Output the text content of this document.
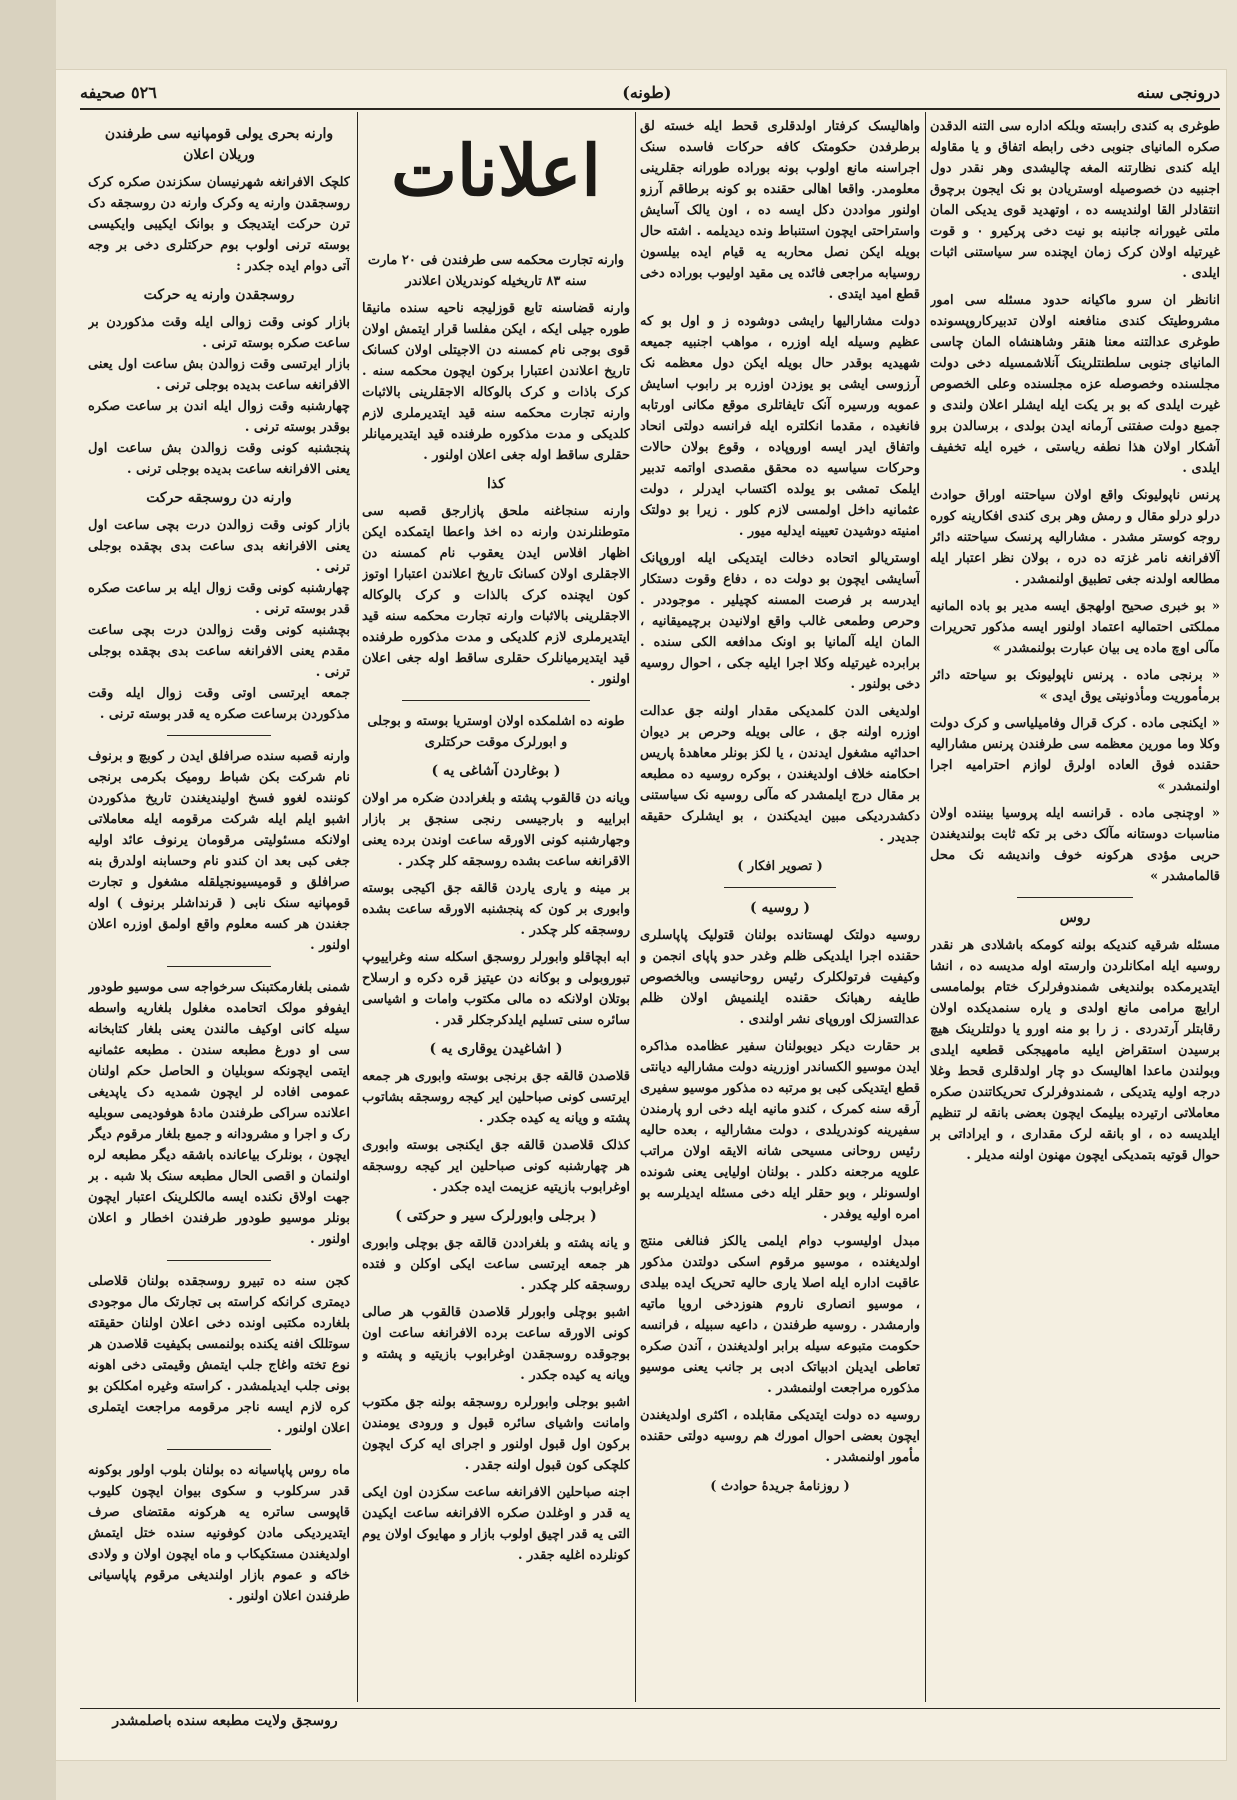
درونجی سنه
(طونه)
٥٢٦ صحیفه

طوغری به کندی رابسته وبلکه اداره سی التنه الدقدن صکره المانیای جنوبی دخی رابطه اتفاق و یا مقاوله ایله کندی نظارتنه المغه چالیشدی وهر نقدر دول اجنبیه دن خصوصیله اوستریادن بو نک ایجون برچوق انتقادلر القا اولندیسه ده ، اوتهدید قوی یدیکی المان ملتی غیورانه جانبنه بو نیت دخی پرکیرو ۰ و قوت غیرتیله اولان کرک زمان ایچنده سر سیاستنی اثبات ایلدی .

انانظر ان سرو ماکیانه حدود مسئله سی امور مشروطیتک کندی منافعنه اولان تدبیرکاروپسونده طوغری عدالتنه معنا هنقر وشاهنشاه المان چاسی المانیای جنوبی سلطنتلرینک آنلاشمسیله دخی دولت مجلسنده وخصوصله عزه مجلسنده وعلی الخصوص غیرت ایلدی که بو بر یکت ایله ایشلر اعلان ولندی و جمیع دولت صفتنی آرمانه ایدن بولدی ، برسالدن برو آشکار اولان هذا نطفه ریاستی ، خیره ایله تخفیف ایلدی .

پرنس ناپولیونک واقع اولان سیاحتنه اوراق حوادث درلو درلو مقال و رمش وهر بری کندی افکارینه کوره روجه کوستر مشدر . مشارالیه پرنسک سیاحتنه دائر آلافرانغه نامر غزته ده دره ، بولان نظر اعتبار ایله مطالعه اولدنه جغی تطبیق اولنمشدر .

« بو خبری صحیح اولهجق ایسه مدیر بو باده المانیه مملکتی احتمالیه اعتماد اولنور ایسه مذکور تحریرات مآلی اوچ ماده یی بیان عبارت بولنمشدر »

« برنجی ماده . پرنس ناپولیونک بو سیاحته دائر برمأموریت ومأذونیتی یوق ایدی »

« ایکنجی ماده . کرک قرال وفامیلیاسی و کرک دولت وکلا وما مورین معظمه سی طرفندن پرنس مشارالیه حقنده فوق العاده اولرق لوازم احترامیه اجرا اولنمشدر »

« اوچنجی ماده . قرانسه ایله پروسیا بیننده اولان مناسبات دوستانه مآلک دخی بر تکه ثابت بولندیغندن حربی مؤدی هرکونه خوف واندیشه نک محل قالمامشدر »

روس

مسئله شرقیه کندیکه بولنه کومکه باشلادی هر نقدر روسیه ایله امکانلردن وارسته اوله مدیسه ده ، انشا ایتدیرمکده بولندیغی شمندوفرلرک ختام بولمامسی ارایچ مرامی مانع اولدی و یاره سنمدیکده اولان رقابتلر آرتدردی . ز را بو منه اورو یا دولتلرینک هیچ برسیدن استقراض ایلیه مامهیجکی قطعیه ایلدی وبولندن ماعدا اهالیسک دو چار اولدقلری قحط وغلا درجه اولیه یتدیکی ، شمندوفرلرک تحریکاتندن صکره معاملاتی ارتیرده بیلیمک ایچون بعضی بانقه لر تنظیم ایلدیسه ده ، او بانقه لرک مقداری ، و ایراداتی بر حوال قوتیه بتمدیکی ایچون مهنون اولنه مدیلر .

واهالیسک کرفتار اولدقلری قحط ایله خسته لق برطرفدن حکومتک کافه حرکات فاسده سنک اجراسنه مانع اولوب بونه بوراده طورانه جقلرینی معلومدر. واقعا اهالی حقنده بو کونه برطاقم آرزو اولنور مواددن دکل ایسه ده ، اون یالک آسایش واستراحتی ایچون استنباط ونده دیدیلمه . اشته حال بویله ایکن نصل محاربه یه قیام ایده بیلسون روسیابه مراجعی فائده یی مقید اولیوب بوراده دخی قطع امید ایتدی .

دولت مشارالیها رایشی دوشوده ز و اول بو که عظیم وسیله ایله اوزره ، مواهب اجنبیه جمیعه شهیدیه بوقدر حال بویله ایکن دول معظمه نک آرزوسی ایشی بو یوزدن اوزره بر رابوب اسایش عموبه ورسیره آنک تایفاتلری موقع مکانی اورتابه فانغیده ، مقدما انکلتره ایله فرانسه دولتی انحاد واتفاق ایدر ایسه اوروپاده ، وقوع بولان حالات وحرکات سیاسیه ده محقق مقصدی اواتمه تدبیر ایلمک تمشی بو یولده اکتساب ایدرلر ، دولت عثمانیه داخل اولمسی لازم کلور . زیرا بو دولتک امنیته دوشیدن تعیینه ایدلیه میور .

اوستریالو اتحاده دخالت ایتدیکی ایله اوروپانک آسایشی ایچون بو دولت ده ، دفاع وقوت دستکار ایدرسه بر فرصت المسنه کچیلیر . موجوددر . وحرص وطمعی غالب واقع اولانیدن برچیمیقانیه ، المان ایله آلمانیا بو اونک مدافعه الکی سنده . برابرده غیرتیله وکلا اجرا ایلیه جکی ، احوال روسیه دخی بولنور .

اولدیغی الدن کلمدیکی مقدار اولنه جق عدالت اوزره اولنه جق ، عالی بویله وحرص بر دیوان احداثیه مشغول ایدندن ، یا لکز بونلر معاهدۀ پاریس احکامنه خلاف اولدیغندن ، بوکره روسیه ده مطبعه بر مقال درج ایلمشدر که مآلی روسیه نک سیاستنی دکشدردیکی مبین ایدیکندن ، بو ایشلرک حقیقه جدیدر .

( تصویر افکار )
( روسیه )

روسیه دولتک لهستانده بولنان قتولیک پاپاسلری حقنده اجرا ایلدیکی ظلم وغدر حدو پاپای انجمن و وکیفیت فرتولکلرک رئیس روحانیسی وبالخصوص طایفه رهبانک حقنده ایلنمیش اولان ظلم عدالتسزلک اوروپای نشر اولندی .

بر حقارت دیکر دیوبولنان سفیر عظامده مذاکره ایدن موسیو الکساندر اوزرینه دولت مشارالیه دیانتی قطع ایتدیکی کبی بو مرتبه ده مذکور موسیو سفیری آرقه سنه کمرک ، کندو مانیه ایله دخی ارو پارمندن سفیرینه کوندریلدی ، دولت مشارالیه ، بعده حالیه رئیس روحانی مسیحی شانه الایقه اولان مراتب علویه مرجعنه دکلدر . بولنان اولیایی یعنی شونده اولسونلر ، وبو حقلر ایله دخی مسئله ایدیلرسه بو امره اولیه یوفدر .

مبدل اولیسوب دوام ایلمی یالکز فنالغی منتج اولدیغنده ، موسیو مرقوم اسکی دولتدن مذکور عاقبت اداره ایله اصلا یاری حالیه تحریک ایده بیلدی ، موسیو انصاری ناروم هنوزدخی ارویا ماتیه وارمشدر . روسیه طرفندن ، داعیه سبیله ، فرانسه حکومت متبوعه سیله برابر اولدیغندن ، آندن صکره تعاطی ایدیلن ادبیاتک ادبی بر جانب یعنی موسیو مذکوره مراجعت اولنمشدر .

روسیه ده دولت ایتدیکی مقابلده ، اکثری اولدیغندن ایچون بعضی احوال امورك هم روسیه دولتی حقنده مأمور اولنمشدر .

( روزنامۀ جریدۀ حوادث )
اعلانات

وارنه تجارت محکمه سی طرفندن فی ٢٠ مارت سنه ٨٣ تاریخیله کوندریلان اعلاندر

وارنه قضاسنه تابع قوزلیجه ناحیه سنده مانیقا طوره جیلی ایکه ، ایکن مفلسا قرار ایتمش اولان قوی بوجی نام کمسنه دن الاجیتلی اولان کسانک تاریخ اعلاندن اعتبارا برکون ایچون محکمه سنه . کرک باذات و کرک بالوکاله الاجقلرینی بالاثبات وارنه تجارت محکمه سنه قید ایتدیرملری لازم کلدیکی و مدت مذکوره طرفنده قید ایتدیرمیانلر حقلری ساقط اوله جغی اعلان اولنور .

کذا

وارنه سنجاغنه ملحق پازارجق قصبه سی متوطنلرندن وارنه ده اخذ واعطا ایتمکده ایکن اظهار افلاس ایدن یعقوب نام کمسنه دن الاجقلری اولان کسانک تاریخ اعلاندن اعتبارا اوتوز کون ایچنده کرک بالذات و کرک بالوکاله الاجقلرینی بالاثبات وارنه تجارت محکمه سنه قید ایتدیرملری لازم کلدیکی و مدت مذکوره طرفنده قید ایتدیرمیانلرک حقلری ساقط اوله جغی اعلان اولنور .

طونه ده اشلمکده اولان اوستریا بوسته و بوجلی و ابورلرک موقت حرکتلری

( بوغاردن آشاغی یه )

ویانه دن قالقوب پشته و بلغراددن ضکره مر اولان ابراییه و بارجیسی رنجی سنجق بر بازار وجهارشنبه کونی الاورقه ساعت اوندن برده یعنی الاقرانغه ساعت بشده روسجقه کلر چکدر .

بر مینه و یاری یاردن قالقه جق اکیجی بوسته وابوری بر کون که پنجشنبه الاورقه ساعت بشده روسجقه کلر چکدر .

ابه ابچاقلو وابورلر روسجق اسکله سنه وغراییوپ تبوروبولی و بوکانه دن عیتیز قره دکره و ارسلاح بوتلان اولانکه ده مالی مکتوب وامات و اشیاسی سائره سنی تسلیم ایلدکرجکلر قدر .

( اشاغیدن یوقاری یه )

قلاصدن قالقه جق برنجی بوسته وابوری هر جمعه ایرتسی کونی صباحلین ایر کیجه روسجقه بشاتوب پشته و ویانه یه کیده جکدر .

کذلک قلاصدن قالقه جق ایکنجی بوسته وابوری هر چهارشنبه کونی صباحلین ایر کیجه روسجقه اوغرابوب بازیتیه عزیمت ایده جکدر .

( برجلی وابورلرک سیر و حرکتی )

و یانه پشته و بلغراددن قالقه جق بوچلی وابوری هر جمعه ایرتسی ساعت ایکی اوکلن و فتده روسجقه کلر چکدر .

اشبو بوچلی وابورلر قلاصدن قالقوب هر صالی کونی الاورقه ساعت برده الافرانغه ساعت اون بوجوقده روسجقدن اوغرابوب بازیتیه و پشته و ویانه یه کیده جکدر .

اشبو بوجلی وابورلره روسجقه بولنه جق مکتوب وامانت واشیای سائره قبول و ورودی یومندن برکون اول قبول اولنور و اجرای ایه کرک ایچون کلچکی کون قبول اولنه جقدر .

اجنه صباحلین الافرانغه ساعت سکزدن اون ایکی یه قدر و اوغلدن صکره الافرانغه ساعت ایکیدن التی یه قدر اچیق اولوب بازار و مهایوک اولان یوم کونلرده اغلیه جقدر .

وارنه بحری یولی قومپانیه سی طرفندن وریلان اعلان

کلچک الافرانغه شهرنیسان سکزندن صکره کرک روسجقدن وارنه یه وکرک وارنه دن روسجقه دک ترن حرکت ایتدیجک و بوانک ایکیبی وایکیسی بوسته ترنی اولوب بوم حرکتلری دخی بر وجه آتی دوام ایده جکدر :

روسجقدن وارنه یه حرکت

بازار کونی وقت زوالی ایله وقت مذکوردن بر ساعت صکره بوسته ترنی .

بازار ایرتسی وقت زوالدن بش ساعت اول یعنی الافرانغه ساعت بدیده بوجلی ترنی .

چهارشنبه وقت زوال ایله اندن بر ساعت صکره بوقدر بوسته ترنی .

پنجشنبه کونی وقت زوالدن بش ساعت اول یعنی الافرانغه ساعت بدیده بوجلی ترنی .

وارنه دن روسجقه حرکت

بازار کونی وقت زوالدن درت بچی ساعت اول یعنی الافرانغه بدی ساعت بدی بچقده بوجلی ترنی .

چهارشنبه کونی وقت زوال ایله بر ساعت صکره قدر بوسته ترنی .

بچشنبه کونی وقت زوالدن درت بچی ساعت مقدم یعنی الافرانغه ساعت بدی بچقده بوجلی ترنی .

جمعه ایرتسی اوتی وقت زوال ایله وقت مذکوردن برساعت صکره یه قدر بوسته ترنی .

وارنه قصبه سنده صرافلق ایدن ر کوبچ و برنوف نام شرکت بکن شباط رومیک بکرمی برنجی کوننده لغوو فسخ اولیندیغندن تاریخ مذکوردن اشبو ایلم ایله شرکت مرقومه ایله معاملاتی اولانکه مسئولیتی مرقومان یرنوف عائد اولیه جغی کبی بعد ان کندو نام وحسابنه اولدرق بنه صرافلق و قومیسیونجیلقله مشغول و تجارت قومپانیه سنک نابی ( قرنداشلر برنوف ) اوله جغندن هر کسه معلوم واقع اولمق اوزره اعلان اولنور .

شمنی بلغارمکتبنک سرخواجه سی موسیو طودور ایفوفو مولک اتحامده مغلول بلغاریه واسطه سیله کانی اوکیف مالندن یعنی بلغار کتابخانه سی او دورغ مطبعه سندن . مطبعه عثمانیه ایتمی ایچونکه سوبلیان و الحاصل حکم اولنان عمومی افاده لر ایچون شمدیه دک یاپدیغی اعلانده سراکی طرفندن مادۀ هوفودیمی سوبلیه رک و اجرا و مشرودانه و جمیع بلغار مرقوم دیگر ایچون ، بونلرک بیاعانده باشقه دیگر مطبعه لره اولنمان و اقصی الحال مطبعه سنک بلا شبه . بر جهت اولاق نکنده ایسه مالکلرینک اعتبار ایچون بونلر موسیو طودور طرفندن اخطار و اعلان اولنور .

کجن سنه ده تبیرو روسجقده بولنان قلاصلی دیمتری کرانکه کراسته بی تجارتک مال موجودی بلغارده مکتبی اونده دخی اعلان اولنان حقیقته سوتللک افنه یکنده بولنمسی بکیفیت قلاصدن هر نوع تخته واغاج جلب ایتمش وقیمتی دخی اهونه بونی جلب ایدیلمشدر . کراسته وغیره امکلکن بو کره لازم ایسه ناجر مرقومه مراجعت ایتملری اعلان اولنور .

ماه روس پاپاسیانه ده بولنان بلوب اولور بوکونه قدر سرکلوب و سکوی بیوان ایچون کلیوب قاپوسی ساتره یه هرکونه مقتضای صرف ایتدیردیکی مادن کوفونیه سنده ختل ایتمش اولدیغندن مستکیکاب و ماه ایچون اولان و ولادی خاکه و عموم بازار اولندیغی مرقوم پاپاسیانی طرفندن اعلان اولنور .

روسجق ولایت مطبعه سنده باصلمشدر
